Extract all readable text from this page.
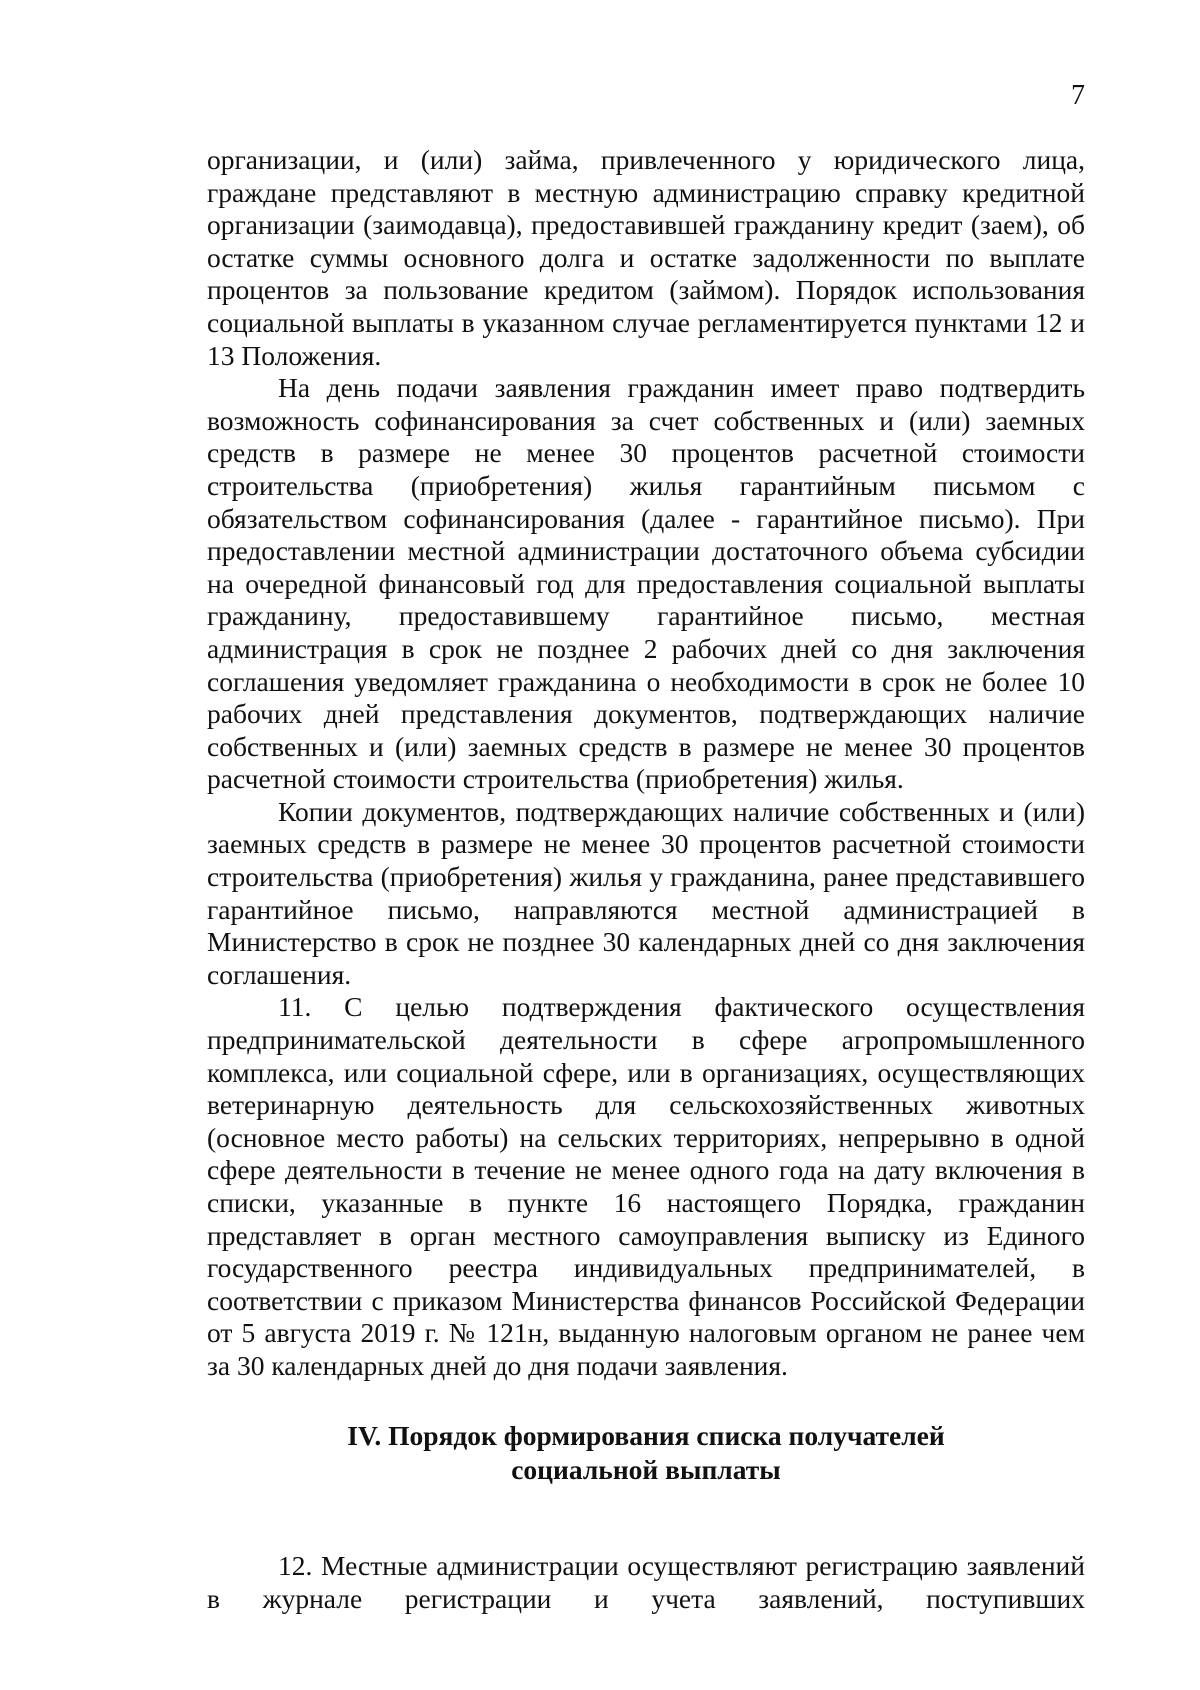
7

организации, и (или) займа, привлеченного у юридического лица, граждане представляют в местную администрацию справку кредитной организации (заимодавца), предоставившей гражданину кредит (заем), об остатке суммы основного долга и остатке задолженности по выплате процентов за пользование кредитом (займом). Порядок использования социальной выплаты в указанном случае регламентируется пунктами 12 и 13 Положения.

На день подачи заявления гражданин имеет право подтвердить возможность софинансирования за счет собственных и (или) заемных средств в размере не менее 30 процентов расчетной стоимости строительства (приобретения) жилья гарантийным письмом с обязательством софинансирования (далее - гарантийное письмо). При предоставлении местной администрации достаточного объема субсидии на очередной финансовый год для предоставления социальной выплаты гражданину, предоставившему гарантийное письмо, местная администрация в срок не позднее 2 рабочих дней со дня заключения соглашения уведомляет гражданина о необходимости в срок не более 10 рабочих дней представления документов, подтверждающих наличие собственных и (или) заемных средств в размере не менее 30 процентов расчетной стоимости строительства (приобретения) жилья.

Копии документов, подтверждающих наличие собственных и (или) заемных средств в размере не менее 30 процентов расчетной стоимости строительства (приобретения) жилья у гражданина, ранее представившего гарантийное письмо, направляются местной администрацией в Министерство в срок не позднее 30 календарных дней со дня заключения соглашения.

11. С целью подтверждения фактического осуществления предпринимательской деятельности в сфере агропромышленного комплекса, или социальной сфере, или в организациях, осуществляющих ветеринарную деятельность для сельскохозяйственных животных (основное место работы) на сельских территориях, непрерывно в одной сфере деятельности в течение не менее одного года на дату включения в списки, указанные в пункте 16 настоящего Порядка, гражданин представляет в орган местного самоуправления выписку из Единого государственного реестра индивидуальных предпринимателей, в соответствии с приказом Министерства финансов Российской Федерации от 5 августа 2019 г. № 121н, выданную налоговым органом не ранее чем за 30 календарных дней до дня подачи заявления.

IV. Порядок формирования списка получателей
социальной выплаты

12. Местные администрации осуществляют регистрацию заявлений в журнале регистрации и учета заявлений, поступивших
